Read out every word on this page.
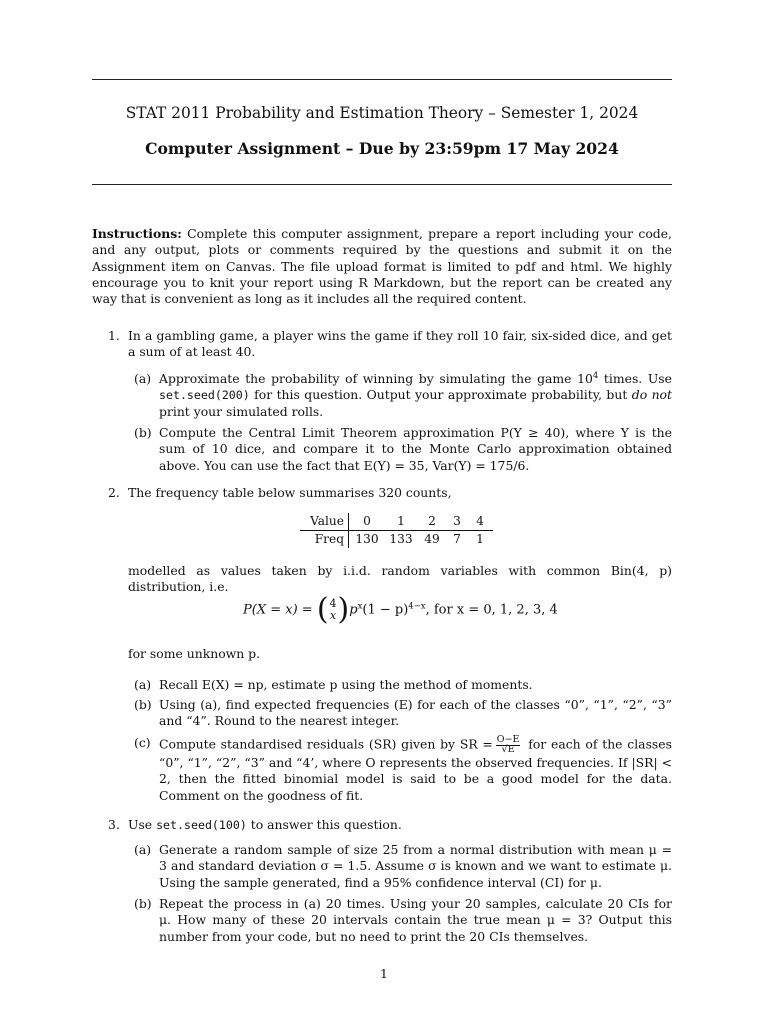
STAT 2011 Probability and Estimation Theory – Semester 1, 2024
Computer Assignment – Due by 23:59pm 17 May 2024
Instructions: Complete this computer assignment, prepare a report including your code, and any output, plots or comments required by the questions and submit it on the Assignment item on Canvas. The file upload format is limited to pdf and html. We highly encourage you to knit your report using R Markdown, but the report can be created any way that is convenient as long as it includes all the required content.
1. In a gambling game, a player wins the game if they roll 10 fair, six-sided dice, and get a sum of at least 40.
(a) Approximate the probability of winning by simulating the game $10^4$ times. Use set.seed(200) for this question. Output your approximate probability, but do not print your simulated rolls.
(b) Compute the Central Limit Theorem approximation P(Y ≥ 40), where Y is the sum of 10 dice, and compare it to the Monte Carlo approximation obtained above. You can use the fact that E(Y) = 35, Var(Y) = 175/6.
2. The frequency table below summarises 320 counts,
Value	0	1	2	3	4
Freq	130	133	49	7	1
modelled as values taken by i.i.d. random variables with common Bin(4, p) distribution, i.e.
P(X = x) = (4
$x)p^x(1 - p)^{4-x}$, for x = 0, 1, 2, 3, 4
for some unknown p.
(a) Recall E(X) = np, estimate p using the method of moments.
(b) Using (a), find expected frequencies (E) for each of the classes “0”, “1”, “2”, “3” and “4”. Round to the nearest integer.
(c) Compute standardised residuals (SR) given by SR = $\frac{O-E}{√E}$ for each of the classes “0”, “1”, “2”, “3” and “4’, where O represents the observed frequencies. If |SR| < 2, then the fitted binomial model is said to be a good model for the data. Comment on the goodness of fit.
3. Use set.seed(100) to answer this question.
(a) Generate a random sample of size 25 from a normal distribution with mean μ = 3 and standard deviation σ = 1.5. Assume σ is known and we want to estimate μ. Using the sample generated, find a 95% confidence interval (CI) for μ.
(b) Repeat the process in (a) 20 times. Using your 20 samples, calculate 20 CIs for μ. How many of these 20 intervals contain the true mean μ = 3? Output this number from your code, but no need to print the 20 CIs themselves.
1
